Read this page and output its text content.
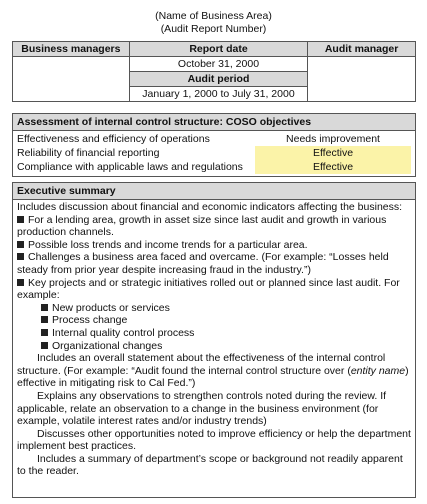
(Name of Business Area)
(Audit Report Number)
Business managers	Report date	Audit manager
	October 31, 2000	
	Audit period	
	January 1, 2000 to July 31, 2000	
Assessment of internal control structure: COSO objectives
Effectiveness and efficiency of operations	Needs improvement
Reliability of financial reporting	Effective
Compliance with applicable laws and regulations	Effective
Executive summary

Includes discussion about financial and economic indicators affecting the business:

For a lending area, growth in asset size since last audit and growth in various production channels.

Possible loss trends and income trends for a particular area.

Challenges a business area faced and overcame. (For example: “Losses held steady from prior year despite increasing fraud in the industry.”)

Key projects and or strategic initiatives rolled out or planned since last audit. For example:

New products or services

Process change

Internal quality control process

Organizational changes

Includes an overall statement about the effectiveness of the internal control structure. (For example: “Audit found the internal control structure over (entity name) effective in mitigating risk to Cal Fed.”)

Explains any observations to strengthen controls noted during the review. If applicable, relate an observation to a change in the business environment (for example, volatile interest rates and/or industry trends)

Discusses other opportunities noted to improve efficiency or help the department implement best practices.

Includes a summary of department’s scope or background not readily apparent to the reader.
